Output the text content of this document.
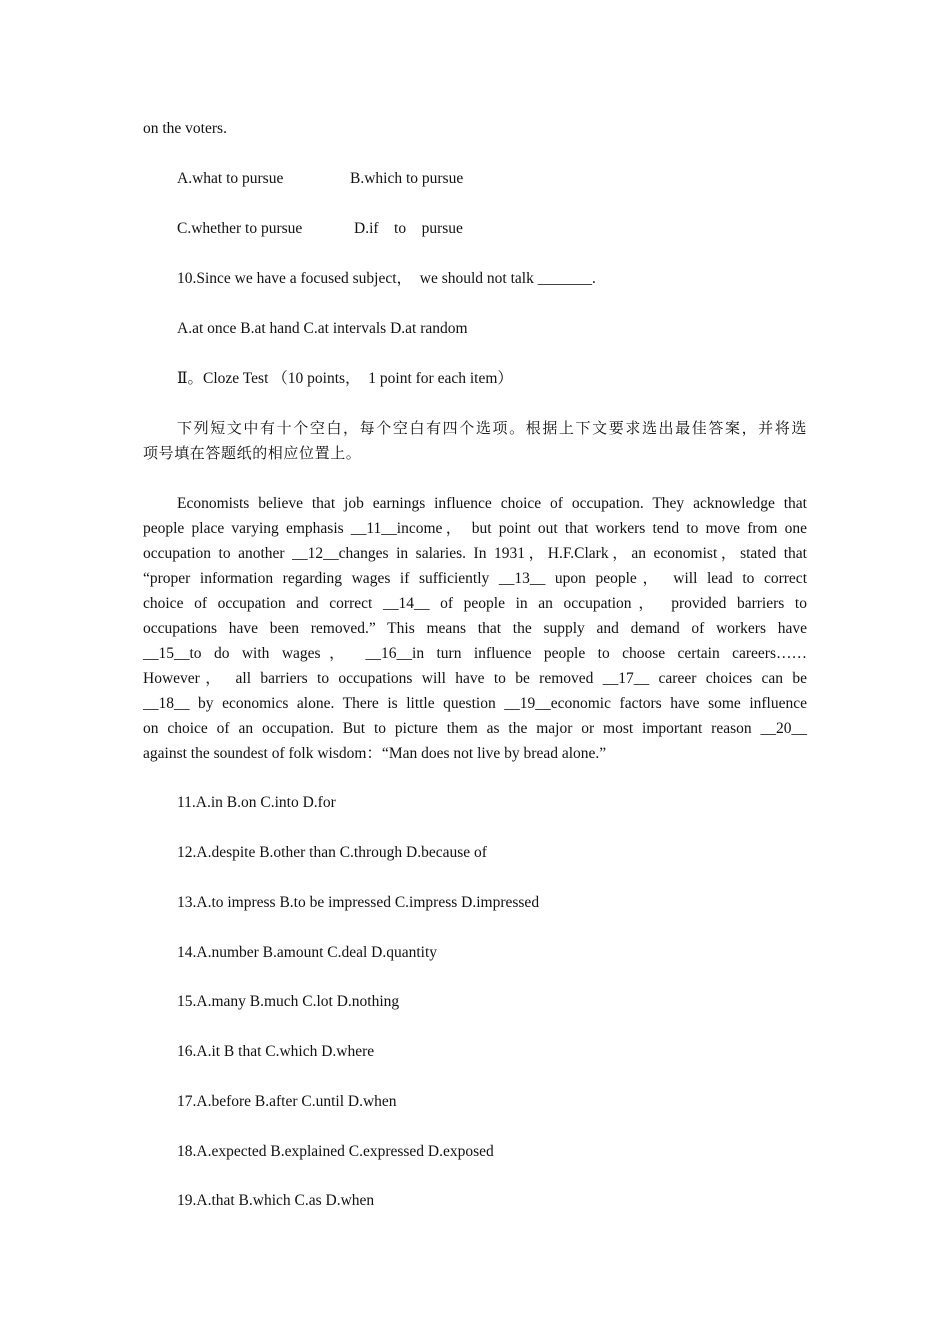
on the voters.
A.what to pursue	B.which to pursue
C.whether to pursue	D.if    to    pursue
10.Since we have a focused subject，  we should not talk _______.
A.at once B.at hand C.at intervals D.at random
Ⅱ。Cloze Test （10 points，  1 point for each item）
下列短文中有十个空白，每个空白有四个选项。根据上下文要求选出最佳答案，并将选
项号填在答题纸的相应位置上。
Economists believe that job earnings influence choice of occupation. They acknowledge that
people place varying emphasis __11__income， but point out that workers tend to move from one
occupation to another __12__changes in salaries. In 1931，H.F.Clark，an economist，stated that
“proper information regarding wages if sufficiently __13__ upon people， will lead to correct
choice of occupation and correct __14__ of people in an occupation， provided barriers to
occupations have been removed.” This means that the supply and demand of workers have
__15__to do with wages， __16__in turn influence people to choose certain careers……
However， all barriers to occupations will have to be removed __17__ career choices can be
__18__ by economics alone. There is little question __19__economic factors have some influence
on choice of an occupation. But to picture them as the major or most important reason __20__
against the soundest of folk wisdom：“Man does not live by bread alone.”
11.A.in B.on C.into D.for
12.A.despite B.other than C.through D.because of
13.A.to impress B.to be impressed C.impress D.impressed
14.A.number B.amount C.deal D.quantity
15.A.many B.much C.lot D.nothing
16.A.it B that C.which D.where
17.A.before B.after C.until D.when
18.A.expected B.explained C.expressed D.exposed
19.A.that B.which C.as D.when
